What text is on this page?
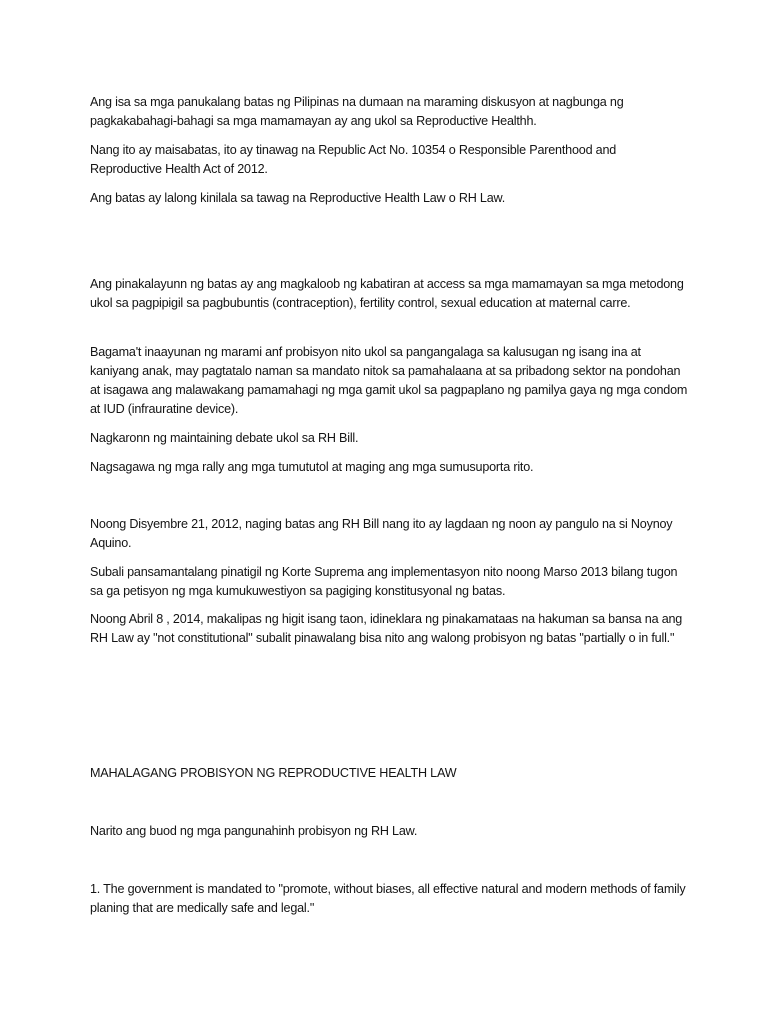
Ang isa sa mga panukalang batas ng Pilipinas na dumaan na maraming diskusyon at nagbunga ng pagkakabahagi-bahagi sa mga mamamayan ay ang ukol sa Reproductive Healthh.

Nang ito ay maisabatas, ito ay tinawag na Republic Act No. 10354 o Responsible Parenthood and Reproductive Health Act of 2012.

Ang batas ay lalong kinilala sa tawag na Reproductive Health Law o RH Law.

Ang pinakalayunn ng batas ay ang magkaloob ng kabatiran at access sa mga mamamayan sa mga metodong ukol sa pagpipigil sa pagbubuntis (contraception), fertility control, sexual education at maternal carre.

Bagama't inaayunan ng marami anf probisyon nito ukol sa pangangalaga sa kalusugan ng isang ina at kaniyang anak, may pagtatalo naman sa mandato nitok sa pamahalaana at sa pribadong sektor na pondohan at isagawa ang malawakang pamamahagi ng mga gamit ukol sa pagpaplano ng pamilya gaya ng mga condom at IUD (infrauratine device).

Nagkaronn ng maintaining debate ukol sa RH Bill.

Nagsagawa ng mga rally ang mga tumututol at maging ang mga sumusuporta rito.

Noong Disyembre 21, 2012, naging batas ang RH Bill nang ito ay lagdaan ng noon ay pangulo na si Noynoy Aquino.

Subali pansamantalang pinatigil ng Korte Suprema ang implementasyon nito noong Marso 2013 bilang tugon sa ga petisyon ng mga kumukuwestiyon sa pagiging konstitusyonal ng batas.

Noong Abril 8 , 2014, makalipas ng higit isang taon, idineklara ng pinakamataas na hakuman sa bansa na ang RH Law ay "not constitutional" subalit pinawalang bisa nito ang walong probisyon ng batas "partially o in full."

MAHALAGANG PROBISYON NG REPRODUCTIVE HEALTH LAW

Narito ang buod ng mga pangunahinh probisyon ng RH Law.

1. The government is mandated to "promote, without biases, all effective natural and modern methods of family planing that are medically safe and legal."
